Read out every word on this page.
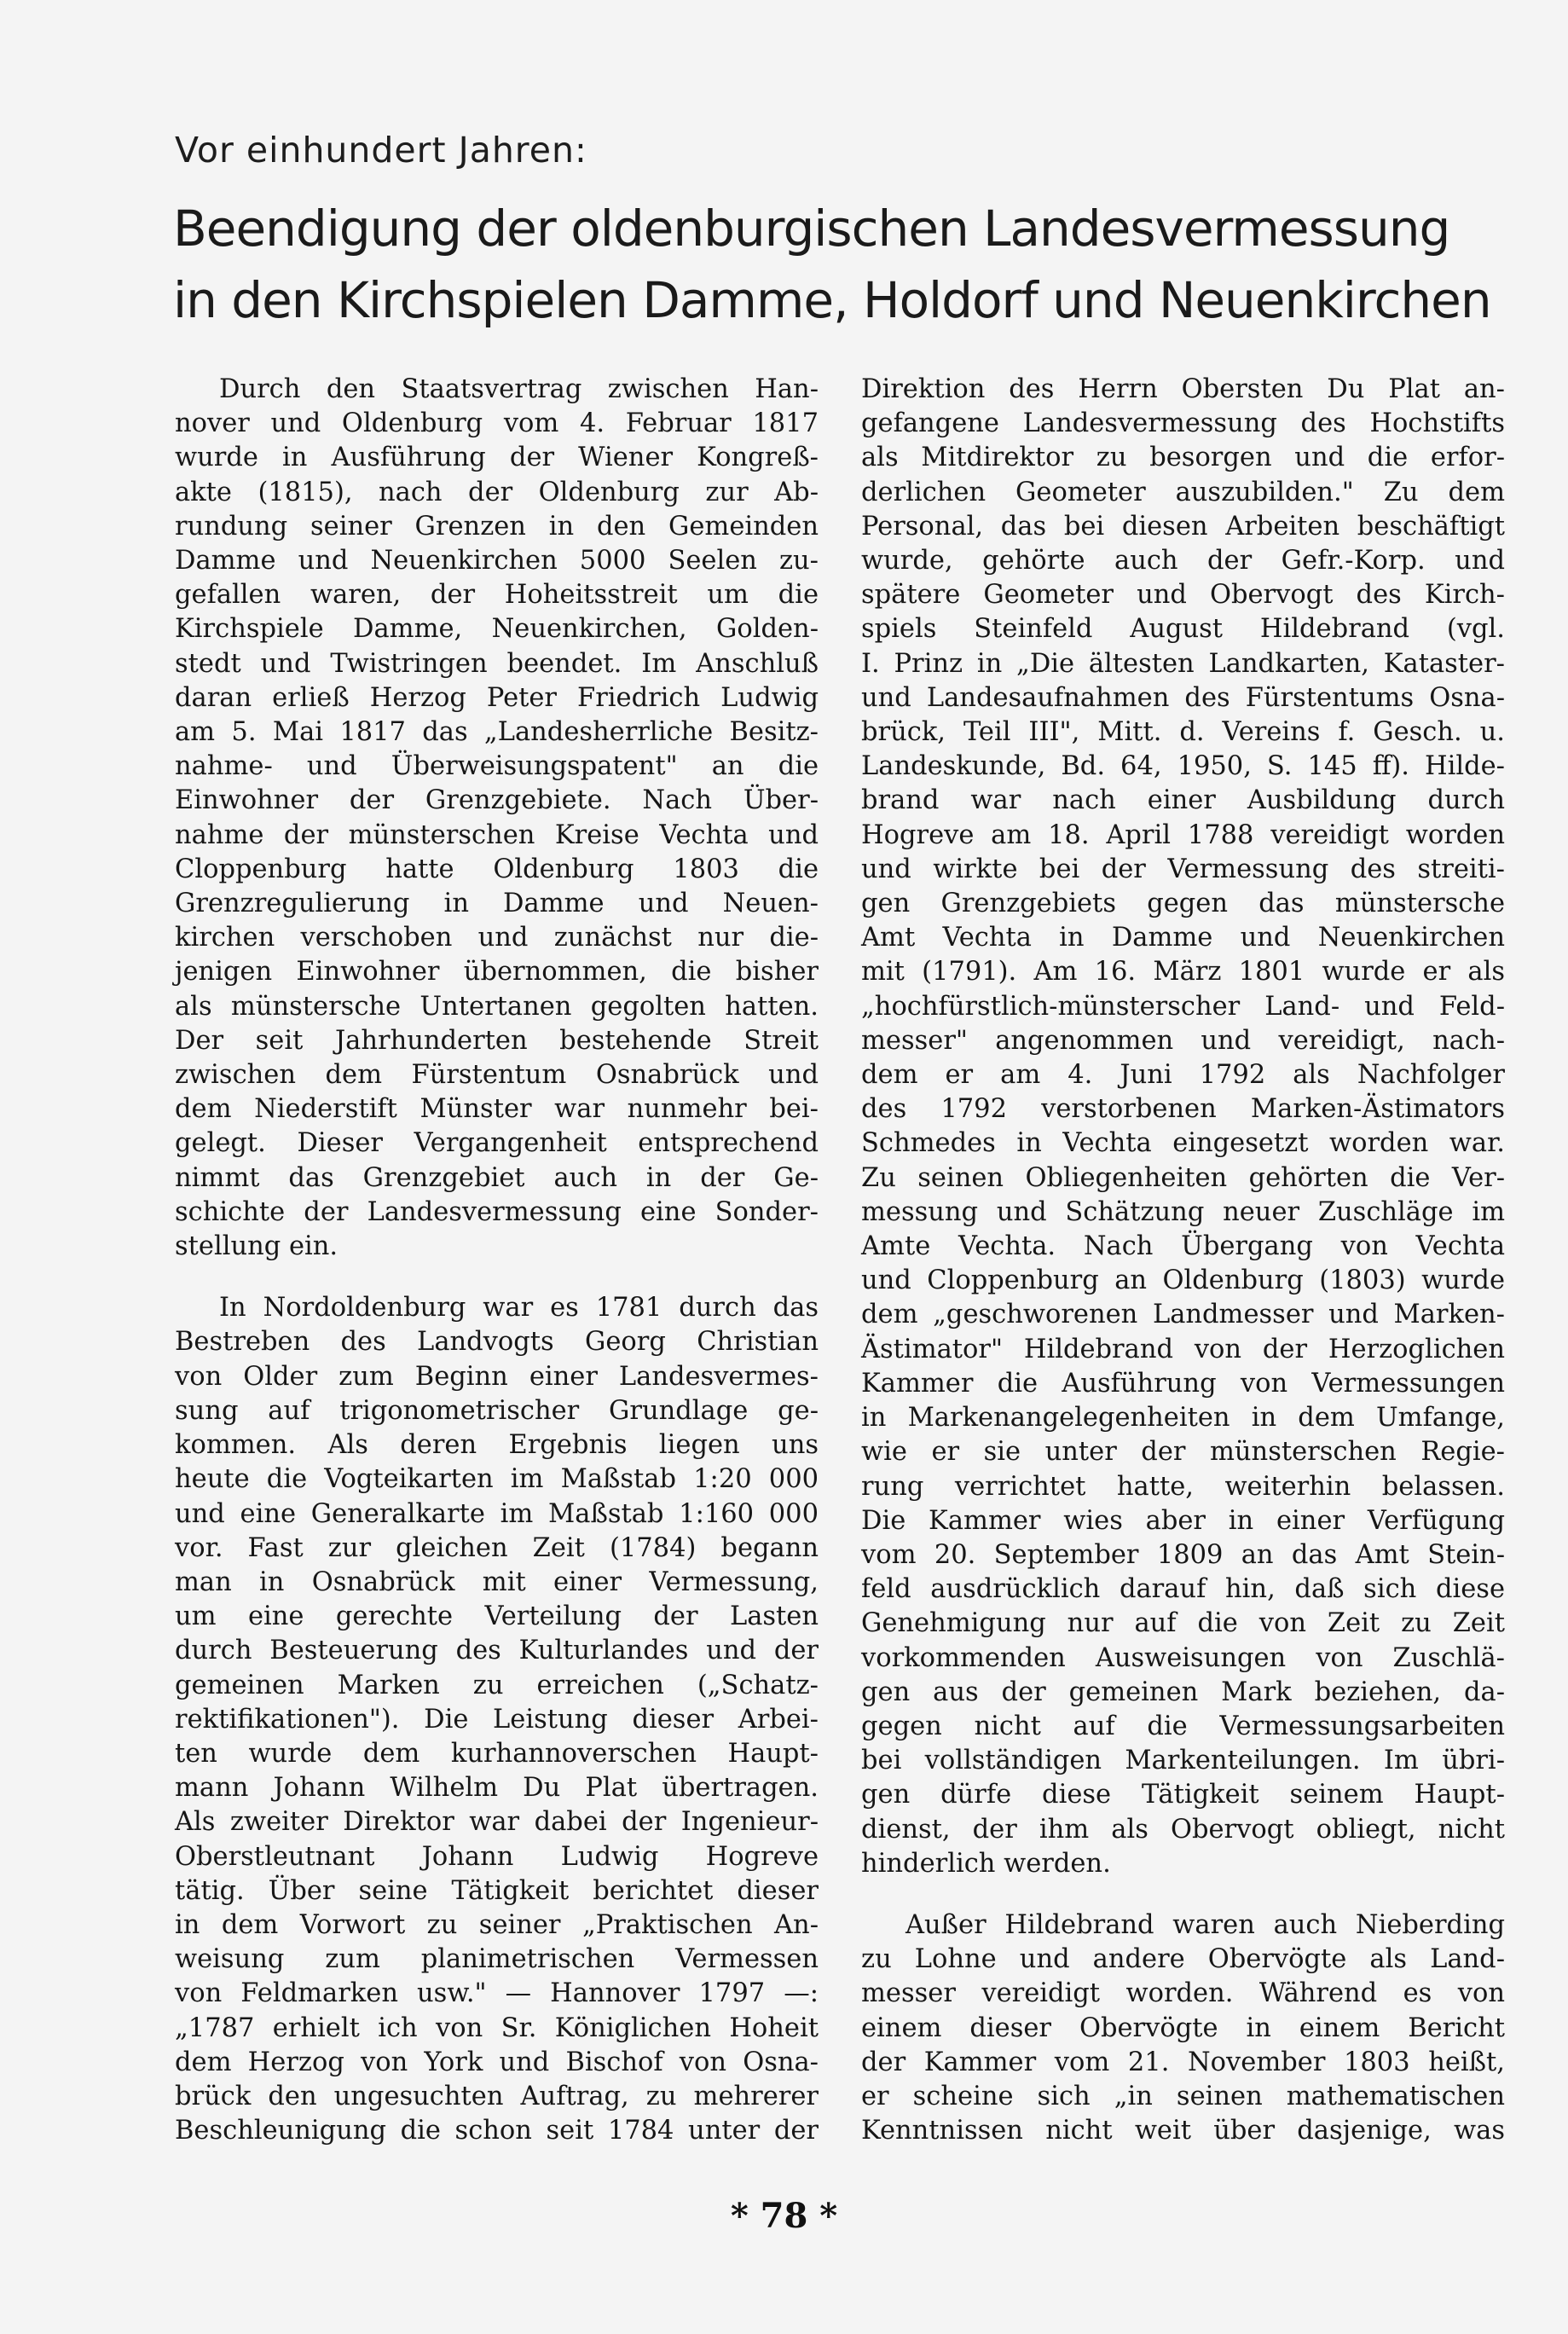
Vor einhundert Jahren:
Beendigung der oldenburgischen Landesvermessung
in den Kirchspielen Damme, Holdorf und Neuenkirchen

Durch den Staatsvertrag zwischen Han-
nover und Oldenburg vom 4. Februar 1817
wurde in Ausführung der Wiener Kongreß-
akte (1815), nach der Oldenburg zur Ab-
rundung seiner Grenzen in den Gemeinden
Damme und Neuenkirchen 5000 Seelen zu-
gefallen waren, der Hoheitsstreit um die
Kirchspiele Damme, Neuenkirchen, Golden-
stedt und Twistringen beendet. Im Anschluß
daran erließ Herzog Peter Friedrich Ludwig
am 5. Mai 1817 das „Landesherrliche Besitz-
nahme- und Überweisungspatent" an die
Einwohner der Grenzgebiete. Nach Über-
nahme der münsterschen Kreise Vechta und
Cloppenburg hatte Oldenburg 1803 die
Grenzregulierung in Damme und Neuen-
kirchen verschoben und zunächst nur die-
jenigen Einwohner übernommen, die bisher
als münstersche Untertanen gegolten hatten.
Der seit Jahrhunderten bestehende Streit
zwischen dem Fürstentum Osnabrück und
dem Niederstift Münster war nunmehr bei-
gelegt. Dieser Vergangenheit entsprechend
nimmt das Grenzgebiet auch in der Ge-
schichte der Landesvermessung eine Sonder-
stellung ein.

In Nordoldenburg war es 1781 durch das
Bestreben des Landvogts Georg Christian
von Older zum Beginn einer Landesvermes-
sung auf trigonometrischer Grundlage ge-
kommen. Als deren Ergebnis liegen uns
heute die Vogteikarten im Maßstab 1:20 000
und eine Generalkarte im Maßstab 1:160 000
vor. Fast zur gleichen Zeit (1784) begann
man in Osnabrück mit einer Vermessung,
um eine gerechte Verteilung der Lasten
durch Besteuerung des Kulturlandes und der
gemeinen Marken zu erreichen („Schatz-
rektifikationen"). Die Leistung dieser Arbei-
ten wurde dem kurhannoverschen Haupt-
mann Johann Wilhelm Du Plat übertragen.
Als zweiter Direktor war dabei der Ingenieur-
Oberstleutnant Johann Ludwig Hogreve
tätig. Über seine Tätigkeit berichtet dieser
in dem Vorwort zu seiner „Praktischen An-
weisung zum planimetrischen Vermessen
von Feldmarken usw." — Hannover 1797 —:
„1787 erhielt ich von Sr. Königlichen Hoheit
dem Herzog von York und Bischof von Osna-
brück den ungesuchten Auftrag, zu mehrerer
Beschleunigung die schon seit 1784 unter der

Direktion des Herrn Obersten Du Plat an-
gefangene Landesvermessung des Hochstifts
als Mitdirektor zu besorgen und die erfor-
derlichen Geometer auszubilden." Zu dem
Personal, das bei diesen Arbeiten beschäftigt
wurde, gehörte auch der Gefr.-Korp. und
spätere Geometer und Obervogt des Kirch-
spiels Steinfeld August Hildebrand (vgl.
I. Prinz in „Die ältesten Landkarten, Kataster-
und Landesaufnahmen des Fürstentums Osna-
brück, Teil III", Mitt. d. Vereins f. Gesch. u.
Landeskunde, Bd. 64, 1950, S. 145 ff). Hilde-
brand war nach einer Ausbildung durch
Hogreve am 18. April 1788 vereidigt worden
und wirkte bei der Vermessung des streiti-
gen Grenzgebiets gegen das münstersche
Amt Vechta in Damme und Neuenkirchen
mit (1791). Am 16. März 1801 wurde er als
„hochfürstlich-münsterscher Land- und Feld-
messer" angenommen und vereidigt, nach-
dem er am 4. Juni 1792 als Nachfolger
des 1792 verstorbenen Marken-Ästimators
Schmedes in Vechta eingesetzt worden war.
Zu seinen Obliegenheiten gehörten die Ver-
messung und Schätzung neuer Zuschläge im
Amte Vechta. Nach Übergang von Vechta
und Cloppenburg an Oldenburg (1803) wurde
dem „geschworenen Landmesser und Marken-
Ästimator" Hildebrand von der Herzoglichen
Kammer die Ausführung von Vermessungen
in Markenangelegenheiten in dem Umfange,
wie er sie unter der münsterschen Regie-
rung verrichtet hatte, weiterhin belassen.
Die Kammer wies aber in einer Verfügung
vom 20. September 1809 an das Amt Stein-
feld ausdrücklich darauf hin, daß sich diese
Genehmigung nur auf die von Zeit zu Zeit
vorkommenden Ausweisungen von Zuschlä-
gen aus der gemeinen Mark beziehen, da-
gegen nicht auf die Vermessungsarbeiten
bei vollständigen Markenteilungen. Im übri-
gen dürfe diese Tätigkeit seinem Haupt-
dienst, der ihm als Obervogt obliegt, nicht
hinderlich werden.

Außer Hildebrand waren auch Nieberding
zu Lohne und andere Obervögte als Land-
messer vereidigt worden. Während es von
einem dieser Obervögte in einem Bericht
der Kammer vom 21. November 1803 heißt,
er scheine sich „in seinen mathematischen
Kenntnissen nicht weit über dasjenige, was

* 78 *
